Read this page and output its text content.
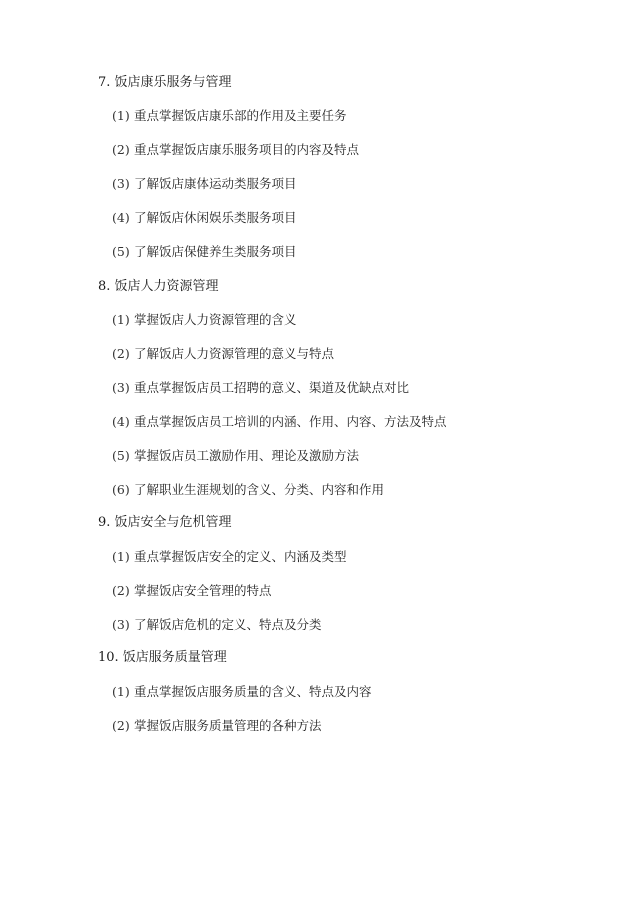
7. 饭店康乐服务与管理
(1) 重点掌握饭店康乐部的作用及主要任务
(2) 重点掌握饭店康乐服务项目的内容及特点
(3) 了解饭店康体运动类服务项目
(4) 了解饭店休闲娱乐类服务项目
(5) 了解饭店保健养生类服务项目
8. 饭店人力资源管理
(1) 掌握饭店人力资源管理的含义
(2) 了解饭店人力资源管理的意义与特点
(3) 重点掌握饭店员工招聘的意义、渠道及优缺点对比
(4) 重点掌握饭店员工培训的内涵、作用、内容、方法及特点
(5) 掌握饭店员工激励作用、理论及激励方法
(6) 了解职业生涯规划的含义、分类、内容和作用
9. 饭店安全与危机管理
(1) 重点掌握饭店安全的定义、内涵及类型
(2) 掌握饭店安全管理的特点
(3) 了解饭店危机的定义、特点及分类
10. 饭店服务质量管理
(1) 重点掌握饭店服务质量的含义、特点及内容
(2) 掌握饭店服务质量管理的各种方法
